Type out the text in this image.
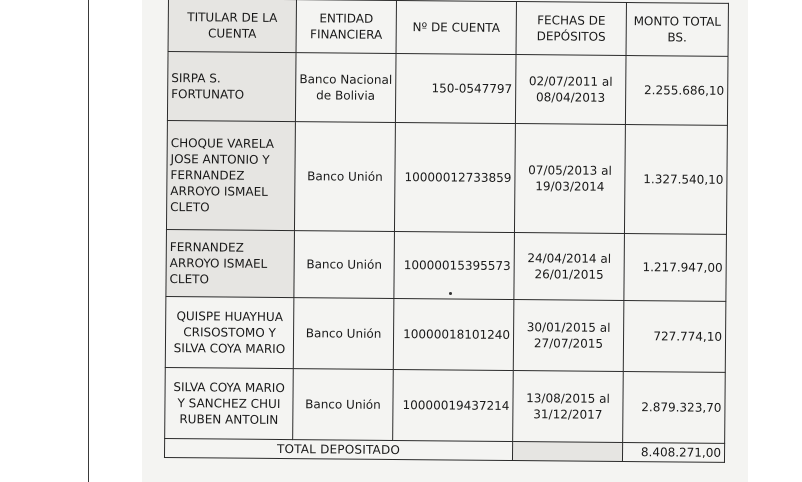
TITULAR DE LA CUENTA	ENTIDAD FINANCIERA	Nº DE CUENTA	FECHAS DE DEPÓSITOS	MONTO TOTAL BS.
SIRPA S. FORTUNATO	Banco Nacional de Bolivia	150-0547797	02/07/2011 al 08/04/2013	2.255.686,10
CHOQUE VARELA JOSE ANTONIO Y FERNANDEZ ARROYO ISMAEL CLETO	Banco Unión	10000012733859	07/05/2013 al 19/03/2014	1.327.540,10
FERNANDEZ ARROYO ISMAEL CLETO	Banco Unión	10000015395573	24/04/2014 al 26/01/2015	1.217.947,00
QUISPE HUAYHUA CRISOSTOMO Y SILVA COYA MARIO	Banco Unión	10000018101240	30/01/2015 al 27/07/2015	727.774,10
SILVA COYA MARIO Y SANCHEZ CHUI RUBEN ANTOLIN	Banco Unión	10000019437214	13/08/2015 al 31/12/2017	2.879.323,70
TOTAL DEPOSITADO				8.408.271,00
